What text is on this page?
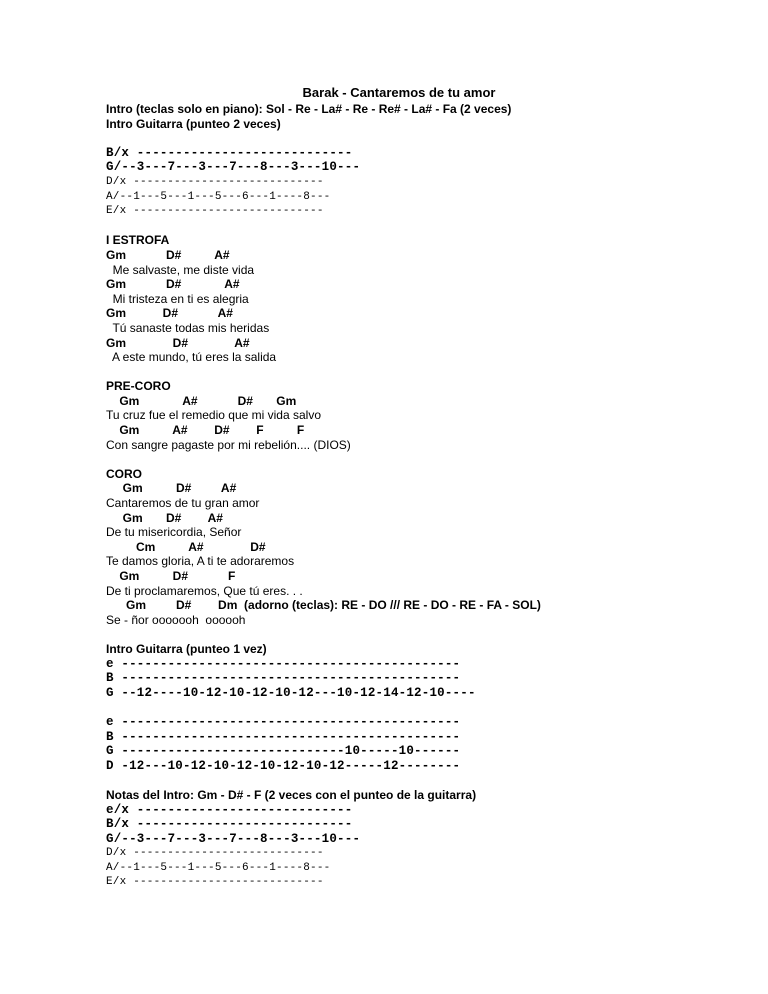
Barak - Cantaremos de tu amor
Intro (teclas solo en piano): Sol - Re - La# - Re - Re# - La# - Fa (2 veces)
Intro Guitarra (punteo 2 veces)
B/x ----------------------------
G/--3---7---3---7---8---3---10---
D/x ----------------------------
A/--1---5---1---5---6---1----8---
E/x ----------------------------
I ESTROFA
Gm            D#          A#
Me salvaste, me diste vida
Gm            D#             A#
Mi tristeza en ti es alegria
Gm           D#            A#
Tú sanaste todas mis heridas
Gm              D#              A#
A este mundo, tú eres la salida
PRE-CORO
Gm             A#            D#       Gm
Tu cruz fue el remedio que mi vida salvo
Gm          A#        D#        F          F
Con sangre pagaste por mi rebelión.... (DIOS)
CORO
Gm          D#         A#
Cantaremos de tu gran amor
Gm       D#        A#
De tu misericordia, Señor
Cm          A#              D#
Te damos gloria, A ti te adoraremos
Gm          D#            F
De ti proclamaremos, Que tú eres. . .
Gm         D#        Dm  (adorno (teclas): RE - DO /// RE - DO - RE - FA - SOL)
Se - ñor ooooooh  oooooh
Intro Guitarra (punteo 1 vez)
e --------------------------------------------
B --------------------------------------------
G --12----10-12-10-12-10-12---10-12-14-12-10----
e --------------------------------------------
B --------------------------------------------
G -----------------------------10-----10------
D -12---10-12-10-12-10-12-10-12-----12--------
Notas del Intro: Gm - D# - F (2 veces con el punteo de la guitarra)
e/x ----------------------------
B/x ----------------------------
G/--3---7---3---7---8---3---10---
D/x ----------------------------
A/--1---5---1---5---6---1----8---
E/x ----------------------------
